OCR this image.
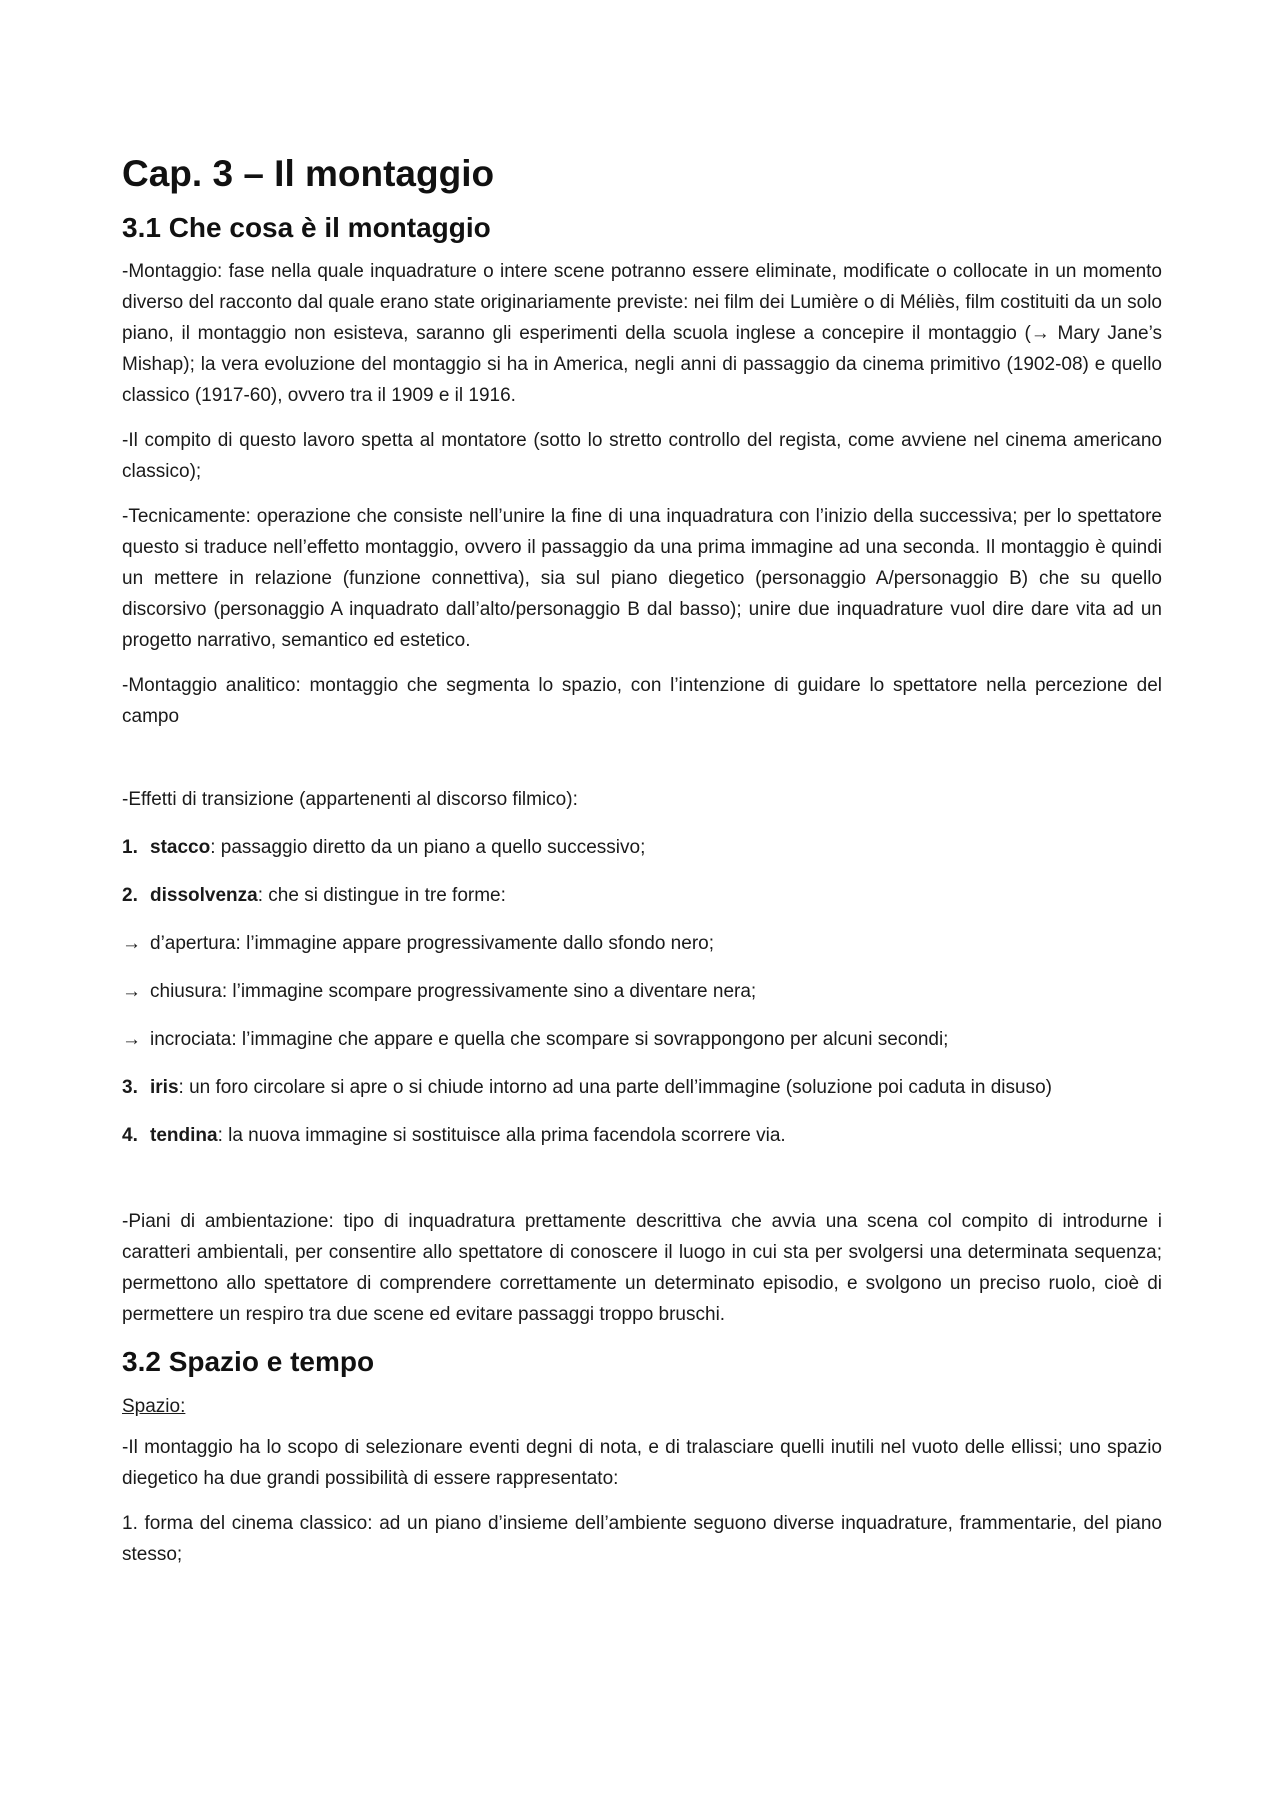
Cap. 3 – Il montaggio
3.1 Che cosa è il montaggio

-Montaggio: fase nella quale inquadrature o intere scene potranno essere eliminate, modificate o collocate in un momento diverso del racconto dal quale erano state originariamente previste: nei film dei Lumière o di Méliès, film costituiti da un solo piano, il montaggio non esisteva, saranno gli esperimenti della scuola inglese a concepire il montaggio (→ Mary Jane’s Mishap); la vera evoluzione del montaggio si ha in America, negli anni di passaggio da cinema primitivo (1902-08) e quello classico (1917-60), ovvero tra il 1909 e il 1916.

-Il compito di questo lavoro spetta al montatore (sotto lo stretto controllo del regista, come avviene nel cinema americano classico);

-Tecnicamente: operazione che consiste nell’unire la fine di una inquadratura con l’inizio della successiva; per lo spettatore questo si traduce nell’effetto montaggio, ovvero il passaggio da una prima immagine ad una seconda. Il montaggio è quindi un mettere in relazione (funzione connettiva), sia sul piano diegetico (personaggio A/personaggio B) che su quello discorsivo (personaggio A inquadrato dall’alto/personaggio B dal basso); unire due inquadrature vuol dire dare vita ad un progetto narrativo, semantico ed estetico.

-Montaggio analitico: montaggio che segmenta lo spazio, con l’intenzione di guidare lo spettatore nella percezione del campo

-Effetti di transizione (appartenenti al discorso filmico):

1. stacco: passaggio diretto da un piano a quello successivo;

2. dissolvenza: che si distingue in tre forme:

→ d’apertura: l’immagine appare progressivamente dallo sfondo nero;

→ chiusura: l’immagine scompare progressivamente sino a diventare nera;

→ incrociata: l’immagine che appare e quella che scompare si sovrappongono per alcuni secondi;

3. iris: un foro circolare si apre o si chiude intorno ad una parte dell’immagine (soluzione poi caduta in disuso)

4. tendina: la nuova immagine si sostituisce alla prima facendola scorrere via.

-Piani di ambientazione: tipo di inquadratura prettamente descrittiva che avvia una scena col compito di introdurne i caratteri ambientali, per consentire allo spettatore di conoscere il luogo in cui sta per svolgersi una determinata sequenza; permettono allo spettatore di comprendere correttamente un determinato episodio, e svolgono un preciso ruolo, cioè di permettere un respiro tra due scene ed evitare passaggi troppo bruschi.

3.2 Spazio e tempo

Spazio:

-Il montaggio ha lo scopo di selezionare eventi degni di nota, e di tralasciare quelli inutili nel vuoto delle ellissi; uno spazio diegetico ha due grandi possibilità di essere rappresentato:

1. forma del cinema classico: ad un piano d’insieme dell’ambiente seguono diverse inquadrature, frammentarie, del piano stesso;
